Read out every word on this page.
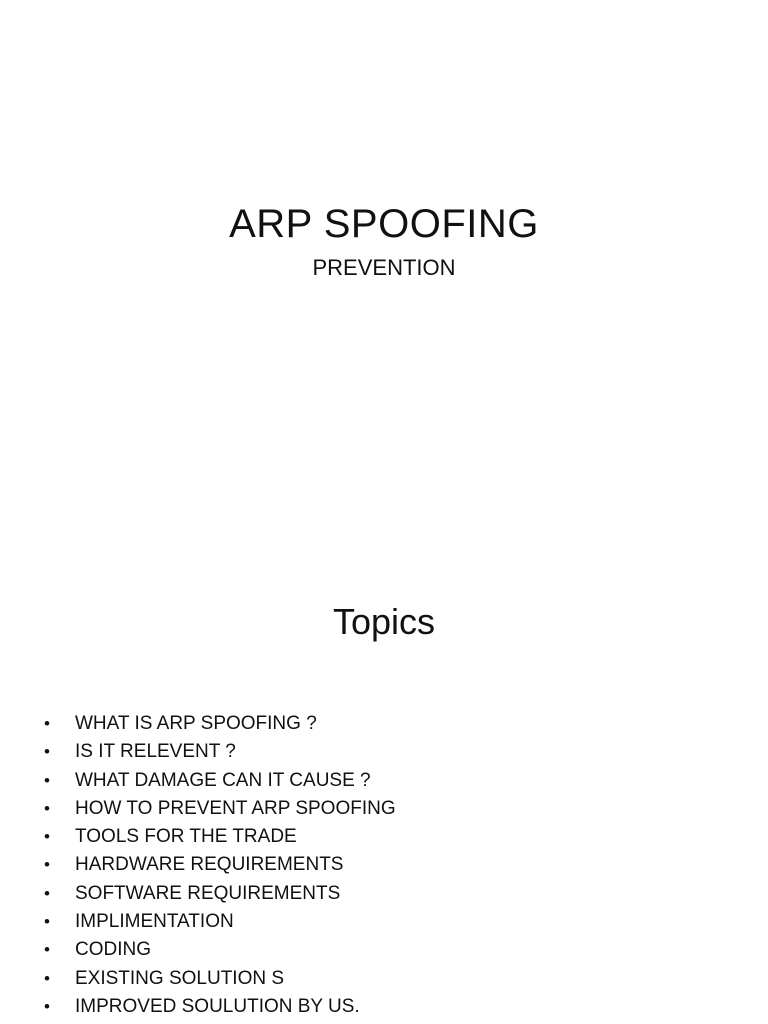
ARP SPOOFING
PREVENTION
Topics
• WHAT IS ARP SPOOFING ?
• IS IT RELEVENT ?
• WHAT DAMAGE CAN IT CAUSE ?
• HOW TO PREVENT ARP SPOOFING
• TOOLS FOR THE TRADE
• HARDWARE REQUIREMENTS
• SOFTWARE REQUIREMENTS
• IMPLIMENTATION
• CODING
• EXISTING SOLUTION S
• IMPROVED SOULUTION BY US.
